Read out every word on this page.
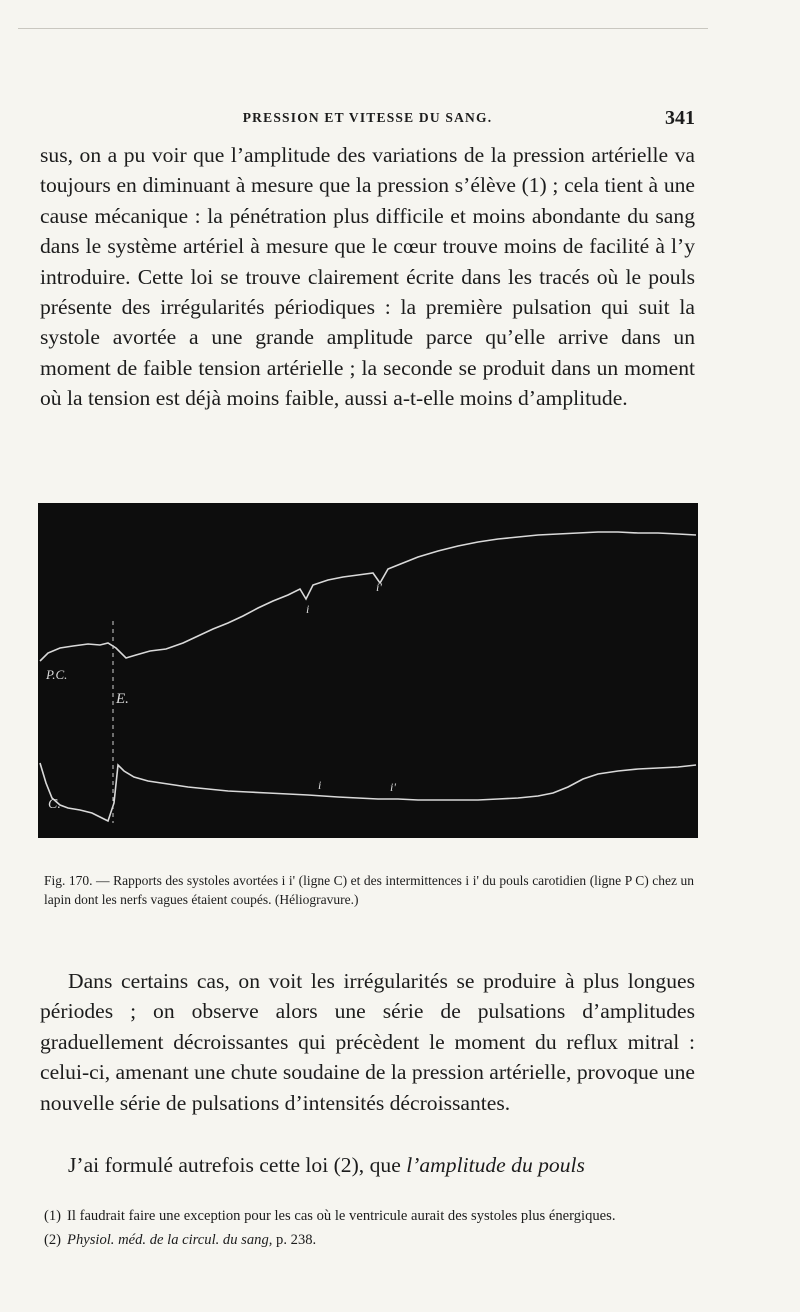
PRESSION ET VITESSE DU SANG.	341

sus, on a pu voir que l’amplitude des variations de la pression artérielle va toujours en diminuant à mesure que la pression s’élève (1) ; cela tient à une cause mécanique : la pénétration plus difficile et moins abondante du sang dans le système artériel à mesure que le cœur trouve moins de facilité à l’y introduire. Cette loi se trouve clairement écrite dans les tracés où le pouls présente des irrégularités périodiques : la première pulsation qui suit la systole avortée a une grande amplitude parce qu’elle arrive dans un moment de faible tension artérielle ; la seconde se produit dans un moment où la tension est déjà moins faible, aussi a-t-elle moins d’amplitude.

P.C.
C.
E.
i
i'
i	i'

Fig. 170. — Rapports des systoles avortées i i' (ligne C) et des intermittences i i' du pouls carotidien (ligne P C) chez un lapin dont les nerfs vagues étaient coupés. (Héliogravure.)

Dans certains cas, on voit les irrégularités se produire à plus longues périodes ; on observe alors une série de pulsations d’amplitudes graduellement décroissantes qui précèdent le moment du reflux mitral : celui-ci, amenant une chute soudaine de la pression artérielle, provoque une nouvelle série de pulsations d’intensités décroissantes.

J’ai formulé autrefois cette loi (2), que l’amplitude du pouls

(1) Il faudrait faire une exception pour les cas où le ventricule aurait des systoles plus énergiques.

(2) Physiol. méd. de la circul. du sang, p. 238.
